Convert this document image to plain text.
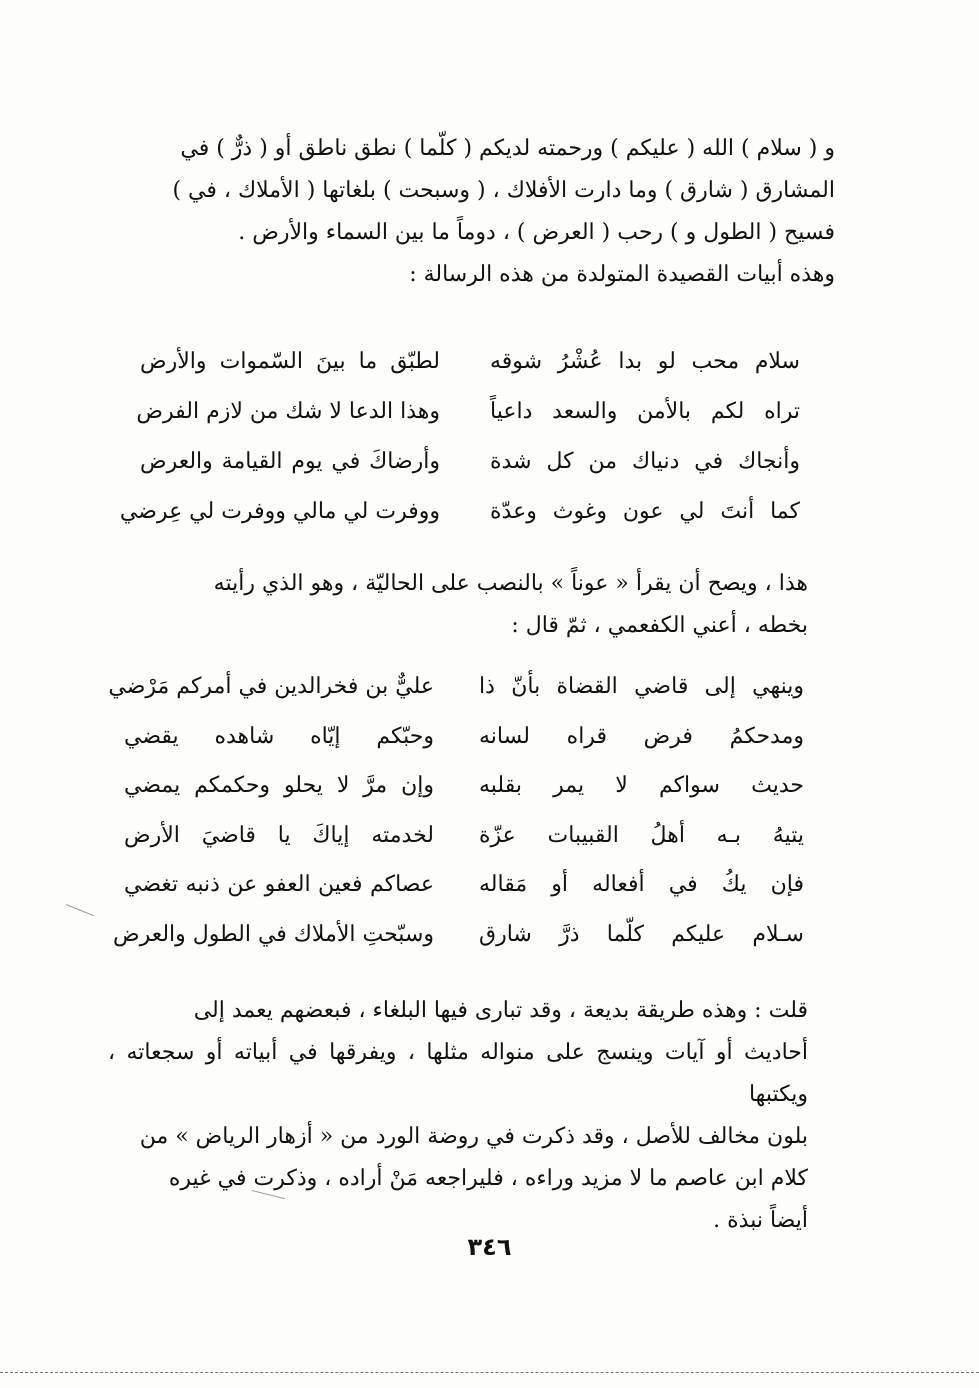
و ( سلام ) الله ( عليكم ) ورحمته لديكم ( كلّما ) نطق ناطق أو ( ذرٌّ ) في

المشارق ( شارق ) وما دارت الأفلاك ، ( وسبحت ) بلغاتها ( الأملاك ، في )

فسيح ( الطول و ) رحب ( العرض ) ، دوماً ما بين السماء والأرض .

وهذه أبيات القصيدة المتولدة من هذه الرسالة :

سلام محب لو بدا عُشْرُ شوقه
لطبّق ما بينَ السّموات والأرض
تراه لكم بالأمن والسعد داعياً
وهذا الدعا لا شك من لازم الفرض
وأنجاك في دنياك من كل شدة
وأرضاكَ في يوم القيامة والعرض
كما أنتَ لي عون وغوث وعدّة
ووفرت لي مالي ووفرت لي عِرضي

هذا ، ويصح أن يقرأ « عوناً » بالنصب على الحاليّة ، وهو الذي رأيته

بخطه ، أعني الكفعمي ، ثمّ قال :

وينهي إلى قاضي القضاة بأنّ ذا
عليٌّ بن فخرالدين في أمركم مَرْضي
ومدحكمُ فرض قراه لسانه
وحبّكم إيّاه شاهده يقضي
حديث سواكم لا يمر بقلبه
وإن مرَّ لا يحلو وحكمكم يمضي
يتيهُ بـه أهلُ القبيبات عزّة
لخدمته إياكَ يا قاضيَ الأرض
فإن يكُ في أفعاله أو مَقاله
عصاكم فعين العفو عن ذنبه تغضي
سـلام عليكم كلّما ذرَّ شارق
وسبّحتِ الأملاك في الطول والعرض

قلت : وهذه طريقة بديعة ، وقد تبارى فيها البلغاء ، فبعضهم يعمد إلى

أحاديث أو آيات وينسج على منواله مثلها ، ويفرقها في أبياته أو سجعاته ، ويكتبها

بلون مخالف للأصل ، وقد ذكرت في روضة الورد من « أزهار الرياض » من

كلام ابن عاصم ما لا مزيد وراءه ، فليراجعه مَنْ أراده ، وذكرت في غيره

أيضاً نبذة .

٣٤٦
